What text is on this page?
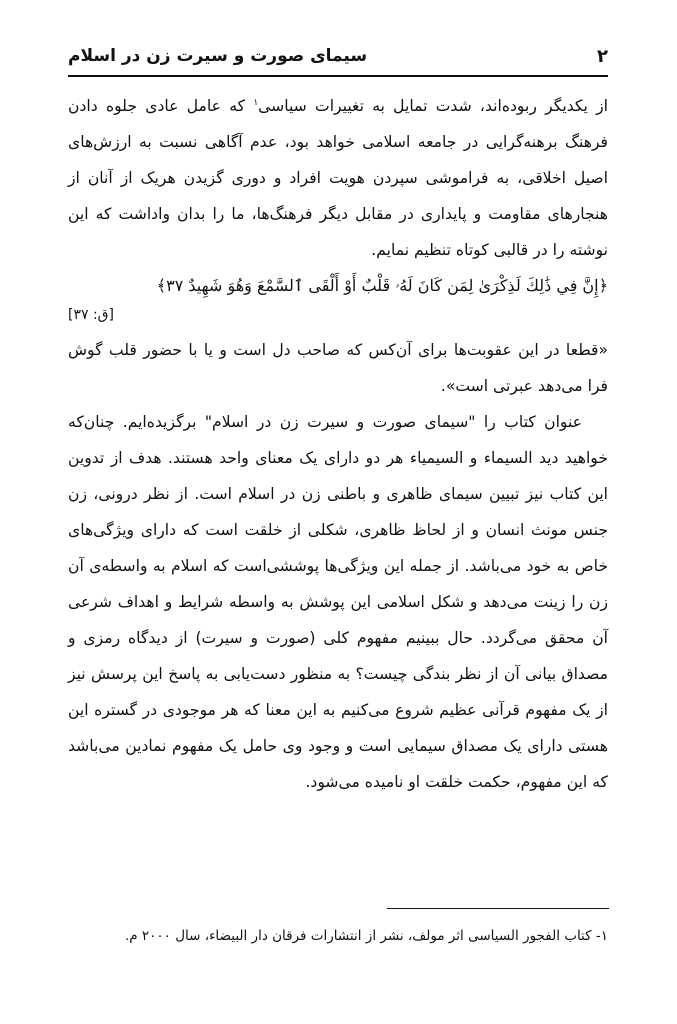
۲
سیمای صورت و سیرت زن در اسلام

از یکدیگر ربوده‌اند، شدت تمایل به تغییرات سیاسی$^۱$ که عامل عادی جلوه دادن فرهنگ برهنه‌گرایی در جامعه اسلامی خواهد بود، عدم آگاهی نسبت به ارزش‌های اصیل اخلاقی، به فراموشی سپردن هویت افراد و دوری گزیدن هریک از آنان از هنجارهای مقاومت و پایداری در مقابل دیگر فرهنگ‌ها، ما را بدان واداشت که این نوشته را در قالبی کوتاه تنظیم نمایم.

﴿إِنَّ فِي ذَٰلِكَ لَذِكْرَىٰ لِمَن كَانَ لَهُۥ قَلْبٌ أَوْ أَلْقَى ٱلسَّمْعَ وَهُوَ شَهِيدٌ ۳۷﴾

[ق: ۳۷]

«قطعا در این عقوبت‌ها برای آن‌کس که صاحب دل است و یا با حضور قلب گوش فرا می‌دهد عبرتی است».

عنوان کتاب را "سیمای صورت و سیرت زن در اسلام" برگزیده‌ایم. چنان‌که خواهید دید السیماء و السیمیاء هر دو دارای یک معنای واحد هستند. هدف از تدوین این کتاب نیز تبیین سیمای ظاهری و باطنی زن در اسلام است. از نظر درونی، زن جنس مونث انسان و از لحاظ ظاهری، شکلی از خلقت است که دارای ویژگی‌های خاص به خود می‌باشد. از جمله این ویژگی‌ها پوششی‌است که اسلام به واسطه‌ی آن زن را زینت می‌دهد و شکل اسلامی این پوشش به واسطه شرایط و اهداف شرعی آن محقق می‌گردد. حال ببینیم مفهوم کلی (صورت و سیرت) از دیدگاه رمزی و مصداق بیانی آن از نظر بندگی چیست؟ به منظور دست‌یابی به پاسخ این پرسش نیز از یک مفهوم قرآنی عظیم شروع می‌کنیم به این معنا که هر موجودی در گستره این هستی دارای یک مصداق سیمایی است و وجود وی حامل یک مفهوم نمادین می‌باشد که این مفهوم، حکمت خلقت او نامیده می‌شود.

۱- کتاب الفجور السیاسی اثر مولف، نشر از انتشارات فرقان دار البیضاء، سال ۲۰۰۰ م.
